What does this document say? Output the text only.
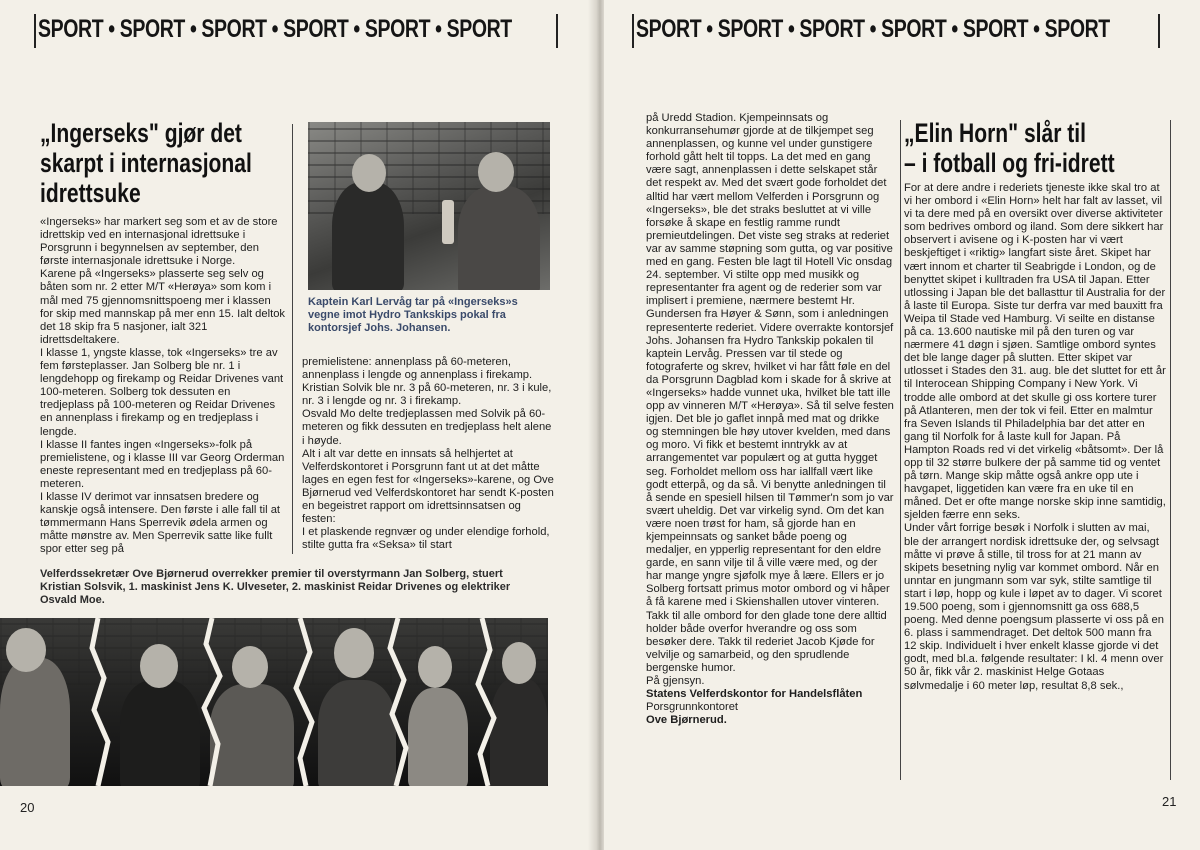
SPORT • SPORT • SPORT • SPORT • SPORT • SPORT
„Ingerseks" gjør det
skarpt i internasjonal
idrettsuke

«Ingerseks» har markert seg som et av de store idrettskip ved en internasjonal idrettsuke i Porsgrunn i begynnelsen av september, den første internasjonale idrettsuke i Norge.

Karene på «Ingerseks» plasserte seg selv og båten som nr. 2 etter M/T «Herøya» som kom i mål med 75 gjennomsnittspoeng mer i klassen for skip med mannskap på mer enn 15. Ialt deltok det 18 skip fra 5 nasjoner, ialt 321 idrettsdeltakere.

I klasse 1, yngste klasse, tok «Ingerseks» tre av fem førsteplasser. Jan Solberg ble nr. 1 i lengdehopp og firekamp og Reidar Drivenes vant 100-meteren. Solberg tok dessuten en tredjeplass på 100-meteren og Reidar Drivenes en annenplass i firekamp og en tredjeplass i lengde.

I klasse II fantes ingen «Ingerseks»-folk på premielistene, og i klasse III var Georg Orderman eneste representant med en tredjeplass på 60-meteren.

I klasse IV derimot var innsatsen bredere og kanskje også intensere. Den første i alle fall til at tømmermann Hans Sperrevik ødela armen og måtte mønstre av. Men Sperrevik satte like fullt spor etter seg på

Kaptein Karl Lervåg tar på «Ingerseks»s vegne imot Hydro Tankskips pokal fra kontorsjef Johs. Johansen.

premielistene: annenplass på 60-meteren, annenplass i lengde og annenplass i firekamp.

Kristian Solvik ble nr. 3 på 60-meteren, nr. 3 i kule, nr. 3 i lengde og nr. 3 i firekamp.

Osvald Mo delte tredjeplassen med Solvik på 60-meteren og fikk dessuten en tredjeplass helt alene i høyde.

Alt i alt var dette en innsats så helhjertet at Velferdskontoret i Porsgrunn fant ut at det måtte lages en egen fest for «Ingerseks»-karene, og Ove Bjørnerud ved Velferdskontoret har sendt K-posten en begeistret rapport om idrettsinnsatsen og festen:

I et plaskende regnvær og under elendige forhold, stilte gutta fra «Seksa» til start

Velferdssekretær Ove Bjørnerud overrekker premier til overstyrmann Jan Solberg, stuert Kristian Solsvik, 1. maskinist Jens K. Ulveseter, 2. maskinist Reidar Drivenes og elektriker Osvald Moe.
20
SPORT • SPORT • SPORT • SPORT • SPORT • SPORT

på Uredd Stadion. Kjempeinnsats og konkurransehumør gjorde at de tilkjempet seg annenplassen, og kunne vel under gunstigere forhold gått helt til topps. La det med en gang være sagt, annenplassen i dette selskapet står det respekt av. Med det svært gode forholdet det alltid har vært mellom Velferden i Porsgrunn og «Ingerseks», ble det straks besluttet at vi ville forsøke å skape en festlig ramme rundt premieutdelingen. Det viste seg straks at rederiet var av samme støpning som gutta, og var positive med en gang. Festen ble lagt til Hotell Vic onsdag 24. september. Vi stilte opp med musikk og representanter fra agent og de rederier som var implisert i premiene, nærmere bestemt Hr. Gundersen fra Høyer & Sønn, som i anledningen representerte rederiet. Videre overrakte kontorsjef Johs. Johansen fra Hydro Tankskip pokalen til kaptein Lervåg. Pressen var til stede og fotograferte og skrev, hvilket vi har fått føle en del da Porsgrunn Dagblad kom i skade for å skrive at «Ingerseks» hadde vunnet uka, hvilket ble tatt ille opp av vinneren M/T «Herøya». Så til selve festen igjen. Det ble jo gaflet innpå med mat og drikke og stemningen ble høy utover kvelden, med dans og moro. Vi fikk et bestemt inntrykk av at arrangementet var populært og at gutta hygget seg. Forholdet mellom oss har iallfall vært like godt etterpå, og da så. Vi benytte anledningen til å sende en spesiell hilsen til Tømmer'n som jo var svært uheldig. Det var virkelig synd. Om det kan være noen trøst for ham, så gjorde han en kjempeinnsats og sanket både poeng og medaljer, en ypperlig representant for den eldre garde, en sann vilje til å ville være med, og der har mange yngre sjøfolk mye å lære. Ellers er jo Solberg fortsatt primus motor ombord og vi håper å få karene med i Skienshallen utover vinteren. Takk til alle ombord for den glade tone dere alltid holder både overfor hverandre og oss som besøker dere. Takk til rederiet Jacob Kjøde for velvilje og samarbeid, og den sprudlende bergenske humor.

På gjensyn.

Statens Velferdskontor for Handelsflåten

Porsgrunnkontoret

Ove Bjørnerud.

„Elin Horn" slår til
– i fotball og fri-idrett

For at dere andre i rederiets tjeneste ikke skal tro at vi her ombord i «Elin Horn» helt har falt av lasset, vil vi ta dere med på en oversikt over diverse aktiviteter som bedrives ombord og iland. Som dere sikkert har observert i avisene og i K-posten har vi vært beskjeftiget i «riktig» langfart siste året. Skipet har vært innom et charter til Seabrigde i London, og de benyttet skipet i kulltraden fra USA til Japan. Etter utlossing i Japan ble det ballasttur til Australia for der å laste til Europa. Siste tur derfra var med bauxitt fra Weipa til Stade ved Hamburg. Vi seilte en distanse på ca. 13.600 nautiske mil på den turen og var nærmere 41 døgn i sjøen. Samtlige ombord syntes det ble lange dager på slutten. Etter skipet var utlosset i Stades den 31. aug. ble det sluttet for ett år til Interocean Shipping Company i New York. Vi trodde alle ombord at det skulle gi oss kortere turer på Atlanteren, men der tok vi feil. Etter en malmtur fra Seven Islands til Philadelphia bar det atter en gang til Norfolk for å laste kull for Japan. På Hampton Roads red vi det virkelig «båtsomt». Der lå opp til 32 større bulkere der på samme tid og ventet på tørn. Mange skip måtte også ankre opp ute i havgapet, liggetiden kan være fra en uke til en måned. Det er ofte mange norske skip inne samtidig, sjelden færre enn seks.

Under vårt forrige besøk i Norfolk i slutten av mai, ble der arrangert nordisk idrettsuke der, og selvsagt måtte vi prøve å stille, til tross for at 21 mann av skipets besetning nylig var kommet ombord. Når en unntar en jungmann som var syk, stilte samtlige til start i løp, hopp og kule i løpet av to dager. Vi scoret 19.500 poeng, som i gjennomsnitt ga oss 688,5 poeng. Med denne poengsum plasserte vi oss på en 6. plass i sammendraget. Det deltok 500 mann fra 12 skip. Individuelt i hver enkelt klasse gjorde vi det godt, med bl.a. følgende resultater: I kl. 4 menn over 50 år, fikk vår 2. maskinist Helge Gotaas sølvmedalje i 60 meter løp, resultat 8,8 sek.,

21
